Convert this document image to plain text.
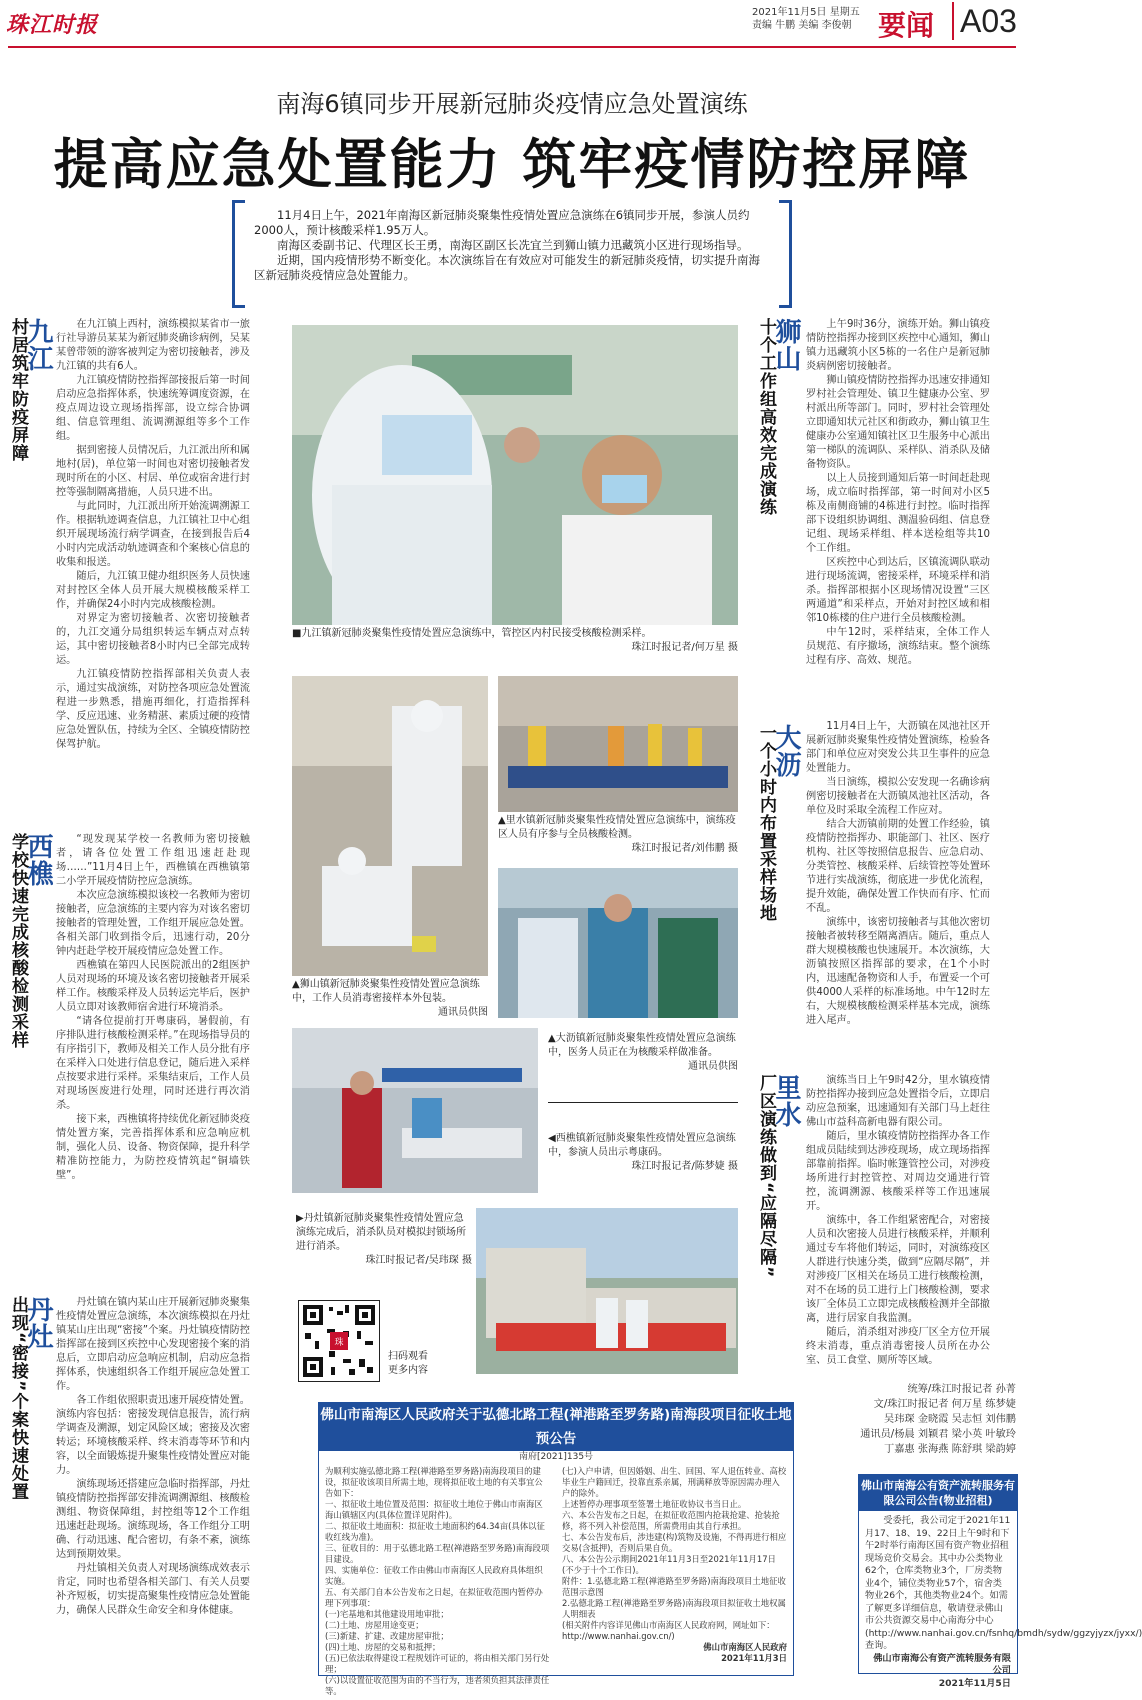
珠江时报	2021年11月5日 星期五
责编 牛鹏 美编 李俊朝 要闻 A03
南海6镇同步开展新冠肺炎疫情应急处置演练
提高应急处置能力 筑牢疫情防控屏障

11月4日上午，2021年南海区新冠肺炎聚集性疫情处置应急演练在6镇同步开展，参演人员约2000人，预计核酸采样1.95万人。

南海区委副书记、代理区长王勇，南海区副区长冼宜兰到狮山镇力迅藏筑小区进行现场指导。

近期，国内疫情形势不断变化。本次演练旨在有效应对可能发生的新冠肺炎疫情，切实提升南海区新冠肺炎疫情应急处置能力。

九江
村居筑牢防疫屏障	在九江镇上西村，演练模拟某省市一旅行社导游员某某为新冠肺炎确诊病例，吴某某曾带领的游客被判定为密切接触者，涉及九江镇的共有6人。

九江镇疫情防控指挥部接报后第一时间启动应急指挥体系，快速统筹调度资源，在疫点周边设立现场指挥部，设立综合协调组、信息管理组、流调溯源组等多个工作组。

据到密接人员情况后，九江派出所和属地村(居)，单位第一时间也对密切接触者发现时所在的小区、村居、单位或宿舍进行封控等强制隔离措施，人员只进不出。

与此同时，九江派出所开始流调溯源工作。根据轨迹调查信息，九江镇社卫中心组织开展现场流行病学调查，在接到报告后4小时内完成活动轨迹调查和个案核心信息的收集和报送。

随后，九江镇卫健办组织医务人员快速对封控区全体人员开展大规模核酸采样工作，并确保24小时内完成核酸检测。

对界定为密切接触者、次密切接触者的，九江交通分局组织转运车辆点对点转运，其中密切接触者8小时内已全部完成转运。

九江镇疫情防控指挥部相关负责人表示，通过实战演练，对防控各项应急处置流程进一步熟悉，措施再细化，打造指挥科学、反应迅速、业务精湛、素质过硬的疫情应急处置队伍，持续为全区、全镇疫情防控保驾护航。

西樵
学校快速完成核酸检测采样	“现发现某学校一名教师为密切接触者，请各位处置工作组迅速赶赴现场……”11月4日上午，西樵镇在西樵镇第二小学开展疫情防控应急演练。

本次应急演练模拟该校一名教师为密切接触者，应急演练的主要内容为对该名密切接触者的管理处置，工作组开展应急处置。各相关部门收到指令后，迅速行动，20分钟内赶赴学校开展疫情应急处置工作。

西樵镇在第四人民医院派出的2组医护人员对现场的环境及该名密切接触者开展采样工作。核酸采样及人员转运完毕后，医护人员立即对该教师宿舍进行环境消杀。

“请各位提前打开粤康码，暑假前，有序排队进行核酸检测采样。”在现场指导员的有序指引下，教师及相关工作人员分批有序在采样入口处进行信息登记，随后进入采样点按要求进行采样。采集结束后，工作人员对现场医废进行处理，同时还进行再次消杀。

接下来，西樵镇将持续优化新冠肺炎疫情处置方案，完善指挥体系和应急响应机制，强化人员、设备、物资保障，提升科学精准防控能力，为防控疫情筑起“铜墙铁壁”。

丹灶
出现“密接”个案快速处置	丹灶镇在镇内某山庄开展新冠肺炎聚集性疫情处置应急演练，本次演练模拟在丹灶镇某山庄出现“密接”个案。丹灶镇疫情防控指挥部在接到区疾控中心发现密接个案的消息后，立即启动应急响应机制，启动应急指挥体系，快速组织各工作组开展应急处置工作。

各工作组依照职责迅速开展疫情处置。演练内容包括：密接发现信息报告，流行病学调查及溯源，划定风险区域；密接及次密转运；环境核酸采样、终末消毒等环节和内容，以全面锻炼提升聚集性疫情处置应对能力。

演练现场还搭建应急临时指挥部，丹灶镇疫情防控指挥部安排流调溯源组、核酸检测组、物资保障组，封控组等12个工作组迅速赶赴现场。演练现场，各工作组分工明确、行动迅速、配合密切，有条不紊，演练达到预期效果。

丹灶镇相关负责人对现场演练成效表示肯定，同时也希望各相关部门、有关人员要补齐短板，切实提高聚集性疫情应急处置能力，确保人民群众生命安全和身体健康。

■九江镇新冠肺炎聚集性疫情处置应急演练中，管控区内村民接受核酸检测采样。
珠江时报记者/何万星 摄
▲狮山镇新冠肺炎聚集性疫情处置应急演练中，工作人员消毒密接样本外包装。
通讯员供图
▲里水镇新冠肺炎聚集性疫情处置应急演练中，演练疫区人员有序参与全员核酸检测。
珠江时报记者/刘伟鹏 摄
▲大沥镇新冠肺炎聚集性疫情处置应急演练中，医务人员正在为核酸采样做准备。
通讯员供图
◀西樵镇新冠肺炎聚集性疫情处置应急演练中，参演人员出示粤康码。
珠江时报记者/陈梦婕 摄
▶丹灶镇新冠肺炎聚集性疫情处置应急演练完成后，消杀队员对模拟封锁场所进行消杀。
珠江时报记者/吴玮琛 摄
珠
扫码观看
更多内容

上午9时36分，演练开始。狮山镇疫情防控指挥办接到区疾控中心通知，狮山镇力迅藏筑小区5栋的一名住户是新冠肺炎病例密切接触者。

狮山镇疫情防控指挥办迅速安排通知罗村社会管理处、镇卫生健康办公室、罗村派出所等部门。同时，罗村社会管理处立即通知状元社区和街政办，狮山镇卫生健康办公室通知镇社区卫生服务中心派出第一梯队的流调队、采样队、消杀队及储备物资队。

以上人员接到通知后第一时间赶赴现场，成立临时指挥部，第一时间对小区5栋及南侧商铺的4栋进行封控。临时指挥部下设组织协调组、测温验码组、信息登记组、现场采样组、样本送检组等共10个工作组。

区疾控中心到达后，区镇流调队联动进行现场流调，密接采样，环境采样和消杀。指挥部根据小区现场情况设置“三区两通道”和采样点，开始对封控区域和相邻10栋楼的住户进行全员核酸检测。

中午12时，采样结束，全体工作人员规范、有序撤场，演练结束。整个演练过程有序、高效、规范。

狮山
十个工作组高效完成演练
大沥
一个小时内布置采样场地	11月4日上午，大沥镇在凤池社区开展新冠肺炎聚集性疫情处置演练，检验各部门和单位应对突发公共卫生事件的应急处置能力。

当日演练，模拟公安发现一名确诊病例密切接触者在大沥镇凤池社区活动，各单位及时采取全流程工作应对。

结合大沥镇前期的处置工作经验，镇疫情防控指挥办、职能部门、社区、医疗机构、社区等按照信息报告、应急启动、分类管控、核酸采样、后续管控等处置环节进行实战演练，彻底进一步优化流程，提升效能，确保处置工作快而有序、忙而不乱。

演练中，该密切接触者与其他次密切接触者被转移至隔离酒店。随后，重点人群大规模核酸也快速展开。本次演练，大沥镇按照区指挥部的要求，在1个小时内，迅速配备物资和人手，布置妥一个可供4000人采样的标准场地。中午12时左右，大规模核酸检测采样基本完成，演练进入尾声。

里水
厂区演练做到“应隔尽隔”	演练当日上午9时42分，里水镇疫情防控指挥办接到应急处置指令后，立即启动应急预案，迅速通知有关部门马上赶往佛山市益科高新电器有限公司。

随后，里水镇疫情防控指挥办各工作组成员陆续到达涉疫现场，成立现场指挥部靠前指挥。临时帐篷管控公司，对涉疫场所进行封控管控、对周边交通进行管控，流调溯源、核酸采样等工作迅速展开。

演练中，各工作组紧密配合，对密接人员和次密接人员进行核酸采样，并顺利通过专车将他们转运，同时，对演练疫区人群进行快速分类，做到“应隔尽隔”，并对涉疫厂区相关在场员工进行核酸检测，对不在场的员工进行上门核酸检测，要求该厂全体员工立即完成核酸检测并全部撤离，进行居家自我监测。

随后，消杀组对涉疫厂区全方位开展终末消毒，重点消毒密接人员所在办公室、员工食堂、厕所等区域。

统筹/珠江时报记者 孙菁
文/珠江时报记者 何万星 练梦婕
吴玮琛 金晓霞 吴志恒 刘伟鹏
通讯员/杨晨 刘颖君 梁小英 叶敏玲
丁嘉惠 张海燕 陈舒琪 梁韵婷
佛山市南海区人民政府关于弘德北路工程(禅港路至罗务路)南海段项目征收土地预公告
南府[2021]135号

为顺利实施弘德北路工程(禅港路至罗务路)南海段项目的建设，拟征收该项目所需土地，现将拟征收土地的有关事宜公告如下：

一、拟征收土地位置及范围：拟征收土地位于佛山市南海区海山镇辖区内(具体位置详见附件)。

二、拟征收土地面积：拟征收土地面积约64.34亩(具体以征收红线为准)。

三、征收目的：用于弘德北路工程(禅港路至罗务路)南海段项目建设。

四、实施单位：征收工作由佛山市南海区人民政府具体组织实施。

五、有关部门自本公告发布之日起，在拟征收范围内暂停办理下列事项：

(一)宅基地和其他建设用地审批；

(二)土地、房屋用途变更；

(三)新建、扩建、改建房屋审批；

(四)土地、房屋的交易和抵押；

(五)已依法取得建设工程规划许可证的，将由相关部门另行处理；

(六)以设置征收范围为由的不当行为，违者须负担其法律责任等。

(七)入户申请，但因婚姻、出生、回国、军人退伍转业、高校毕业生户籍回迁，投靠直系亲属，刑满释放等原因需办理入户的除外。

上述暂停办理事项至签署土地征收协议书当日止。

六、本公告发布之日起，在拟征收范围内抢栽抢建、抢装抢修，将不列入补偿范围，所需费用由其自行承担。

七、本公告发布后，涉违建(构)筑物及设施，不得再进行相应交易(含抵押)，否则后果自负。

八、本公告公示期间2021年11月3日至2021年11月17日(不少于十个工作日)。

附件：1.弘德北路工程(禅港路至罗务路)南海段项目土地征收范围示意图

2.弘德北路工程(禅港路至罗务路)南海段项目拟征收土地权属人明细表

(相关附件内容详见佛山市南海区人民政府网，网址如下：http://www.nanhai.gov.cn/)

佛山市南海区人民政府

2021年11月3日

佛山市南海公有资产流转服务有限公司公告(物业招租)

受委托，我公司定于2021年11月17、18、19、22日上午9时和下午2时举行南海区国有资产物业招租现场竞价交易会。其中办公类物业62个，仓库类物业3个，厂房类物业4个，铺位类物业57个，宿舍类物业26个，其他类物业24个。如需了解更多详细信息，敬请登录佛山市公共资源交易中心南海分中心(http://www.nanhai.gov.cn/fsnhq/bmdh/sydw/ggzyjyzx/jyxx/)查询。

佛山市南海公有资产流转服务有限公司

2021年11月5日
